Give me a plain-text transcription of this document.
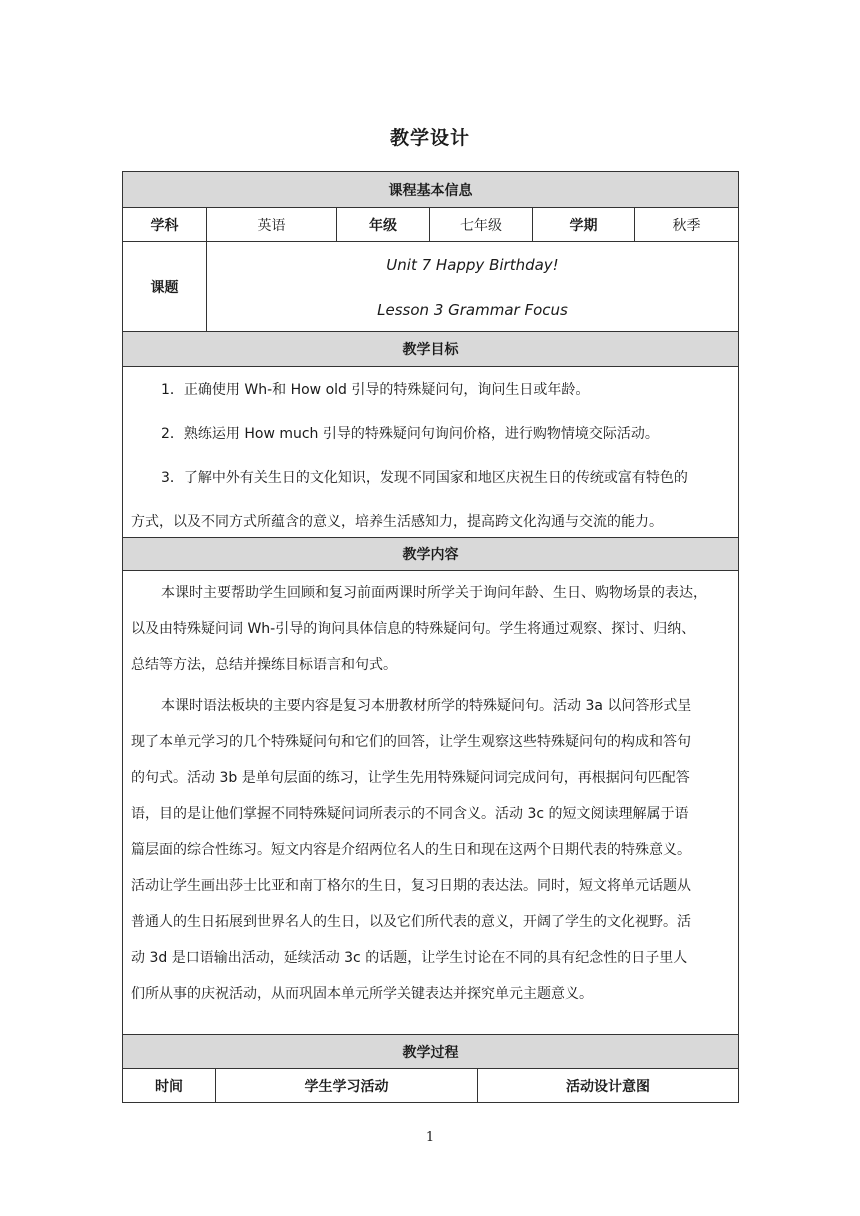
教学设计
课程基本信息
学科	英语	年级	七年级	学期	秋季
课题
Unit 7 Happy Birthday!
Lesson 3 Grammar Focus
教学目标
1．正确使用 Wh-和 How old 引导的特殊疑问句，询问生日或年龄。
2．熟练运用 How much 引导的特殊疑问句询问价格，进行购物情境交际活动。
3．了解中外有关生日的文化知识，发现不同国家和地区庆祝生日的传统或富有特色的
方式，以及不同方式所蕴含的意义，培养生活感知力，提高跨文化沟通与交流的能力。
教学内容
本课时主要帮助学生回顾和复习前面两课时所学关于询问年龄、生日、购物场景的表达，
以及由特殊疑问词 Wh-引导的询问具体信息的特殊疑问句。学生将通过观察、探讨、归纳、
总结等方法，总结并操练目标语言和句式。
本课时语法板块的主要内容是复习本册教材所学的特殊疑问句。活动 3a 以问答形式呈
现了本单元学习的几个特殊疑问句和它们的回答，让学生观察这些特殊疑问句的构成和答句
的句式。活动 3b 是单句层面的练习，让学生先用特殊疑问词完成问句，再根据问句匹配答
语，目的是让他们掌握不同特殊疑问词所表示的不同含义。活动 3c 的短文阅读理解属于语
篇层面的综合性练习。短文内容是介绍两位名人的生日和现在这两个日期代表的特殊意义。
活动让学生画出莎士比亚和南丁格尔的生日，复习日期的表达法。同时，短文将单元话题从
普通人的生日拓展到世界名人的生日，以及它们所代表的意义，开阔了学生的文化视野。活
动 3d 是口语输出活动，延续活动 3c 的话题，让学生讨论在不同的具有纪念性的日子里人
们所从事的庆祝活动，从而巩固本单元所学关键表达并探究单元主题意义。
教学过程
时间	学生学习活动	活动设计意图
1
